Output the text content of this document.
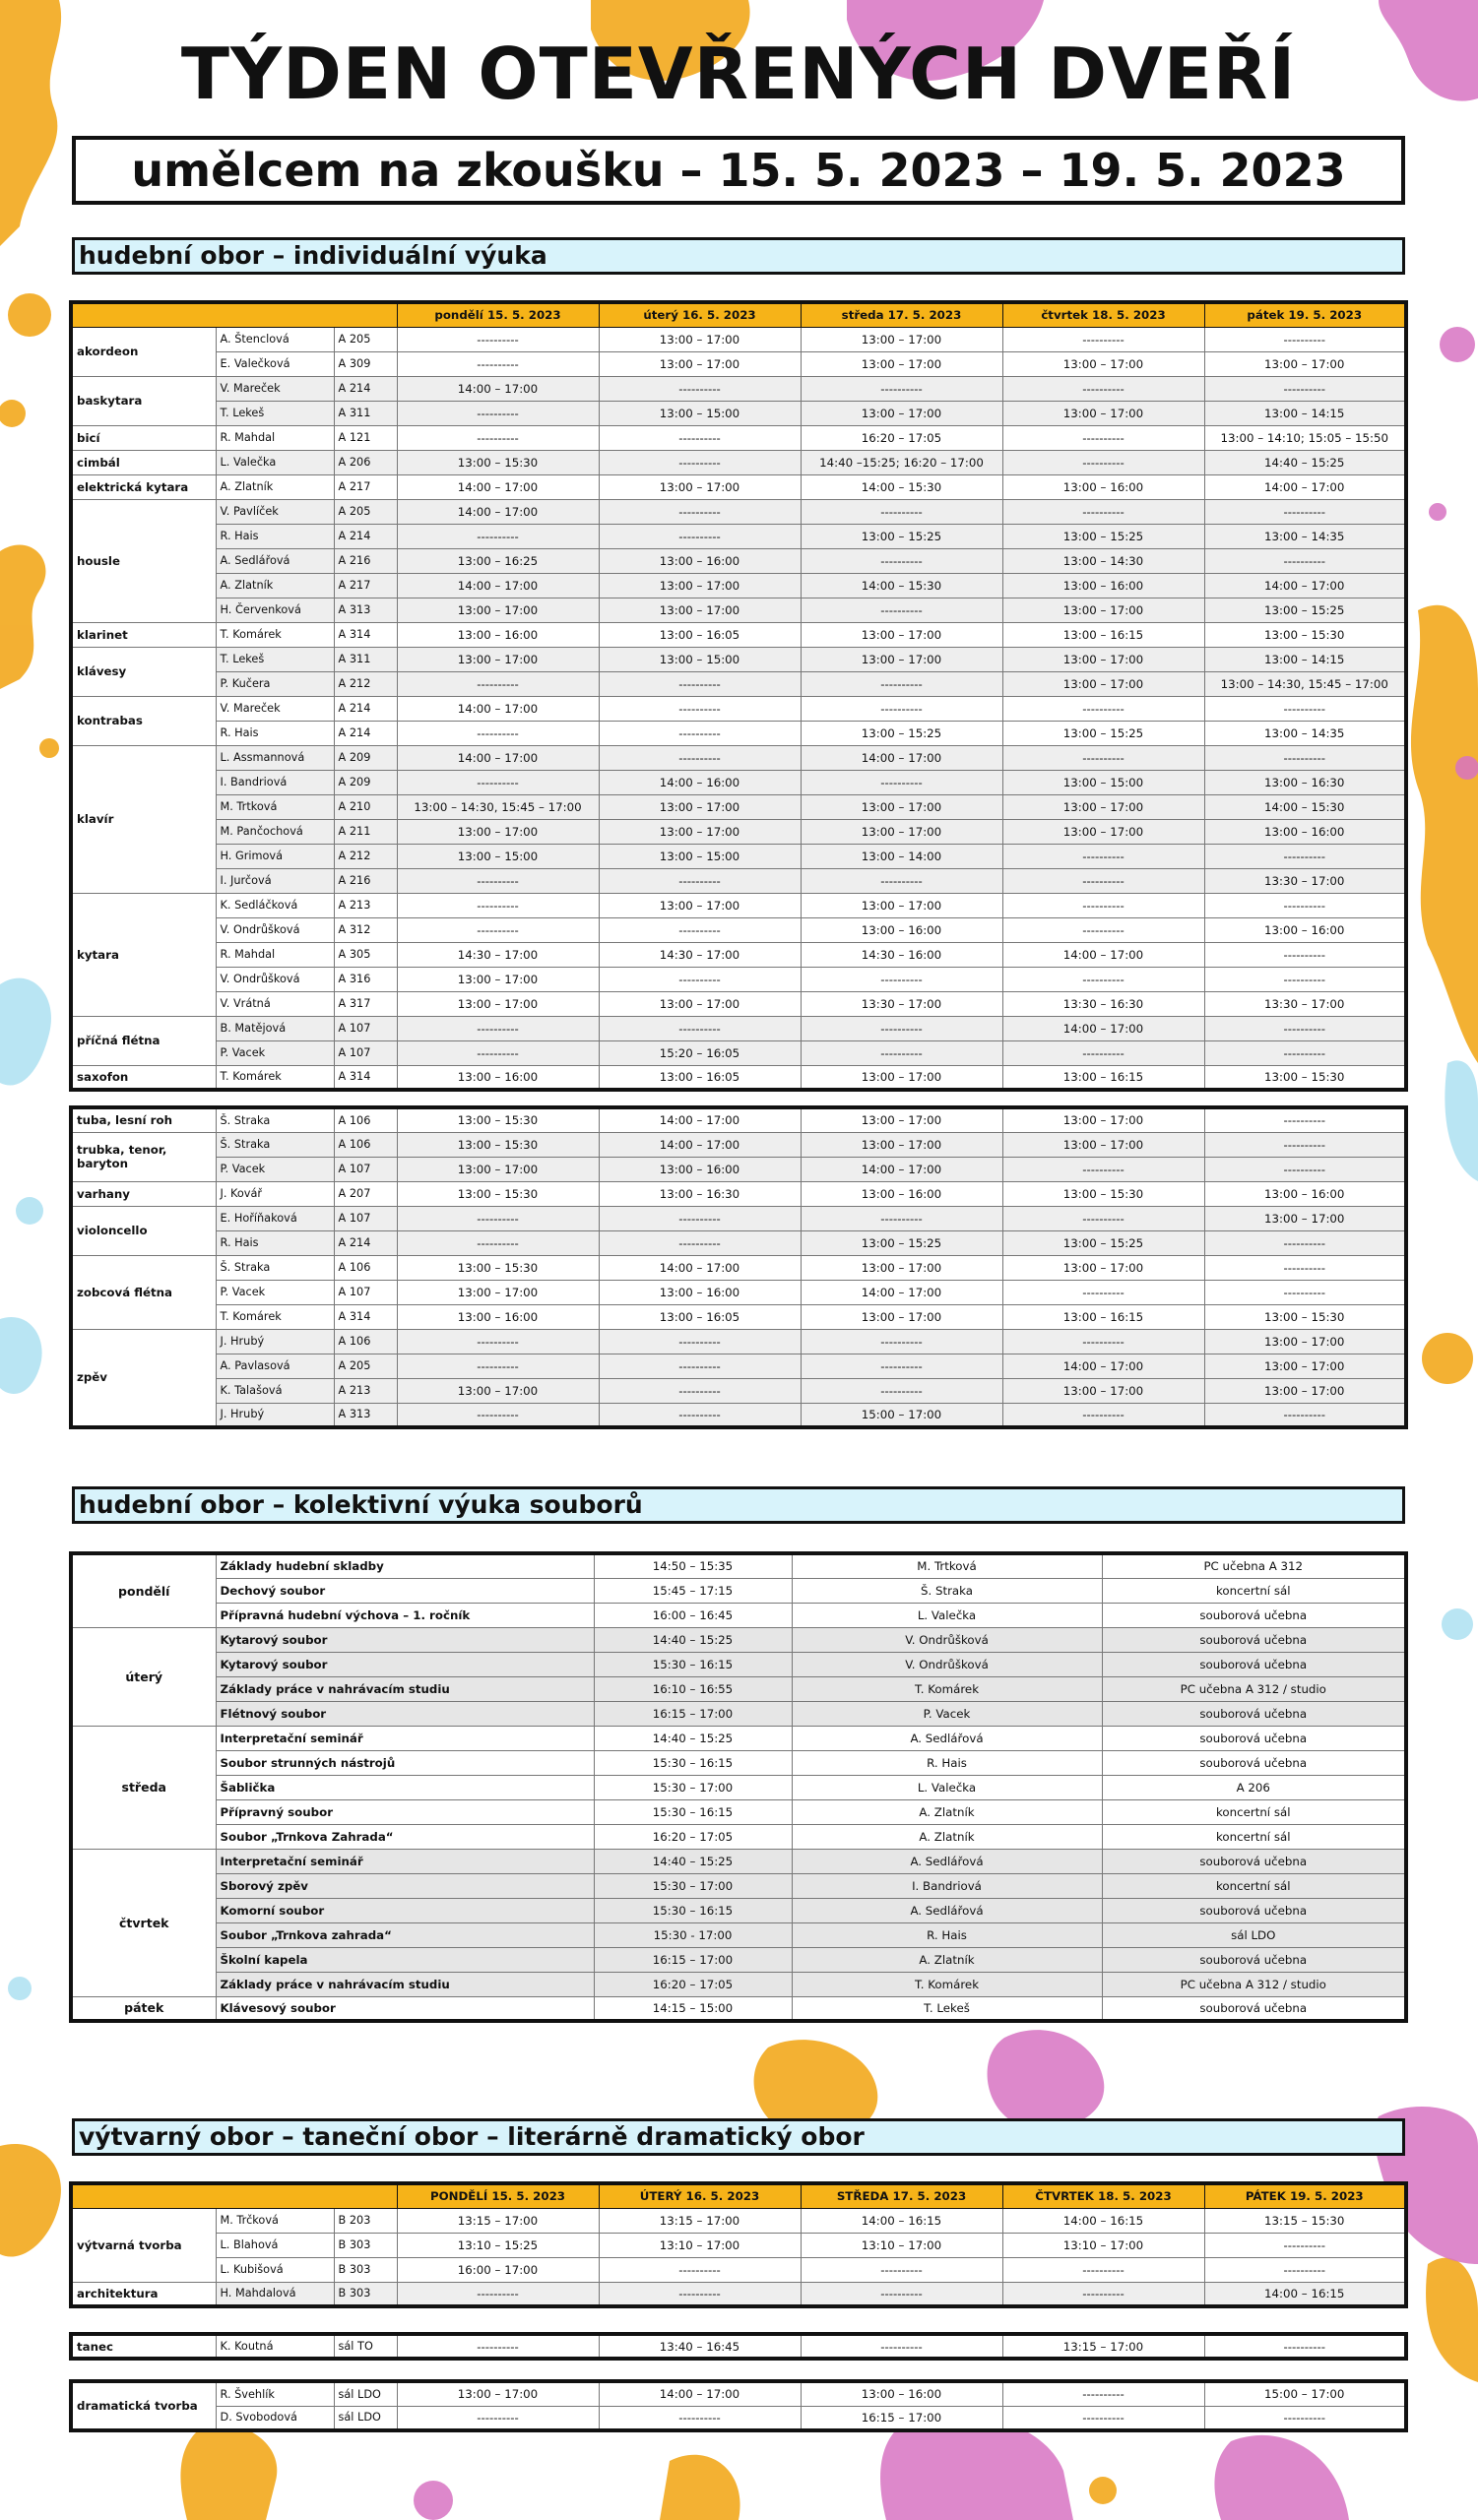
TÝDEN OTEVŘENÝCH DVEŘÍ
umělcem na zkoušku – 15. 5. 2023 – 19. 5. 2023
hudební obor – individuální výuka
			pondělí 15. 5. 2023	úterý 16. 5. 2023	středa 17. 5. 2023	čtvrtek 18. 5. 2023	pátek 19. 5. 2023
akordeon	A. Štenclová	A 205	----------	13:00 – 17:00	13:00 – 17:00	----------	----------
	E. Valečková	A 309	----------	13:00 – 17:00	13:00 – 17:00	13:00 – 17:00	13:00 – 17:00
baskytara	V. Mareček	A 214	14:00 – 17:00	----------	----------	----------	----------
	T. Lekeš	A 311	----------	13:00 – 15:00	13:00 – 17:00	13:00 – 17:00	13:00 – 14:15
bicí	R. Mahdal	A 121	----------	----------	16:20 – 17:05	----------	13:00 – 14:10; 15:05 – 15:50
cimbál	L. Valečka	A 206	13:00 – 15:30	----------	14:40 –15:25; 16:20 – 17:00	----------	14:40 – 15:25
elektrická kytara	A. Zlatník	A 217	14:00 – 17:00	13:00 – 17:00	14:00 – 15:30	13:00 – 16:00	14:00 – 17:00
housle	V. Pavlíček	A 205	14:00 – 17:00	----------	----------	----------	----------
	R. Hais	A 214	----------	----------	13:00 – 15:25	13:00 – 15:25	13:00 – 14:35
	A. Sedlářová	A 216	13:00 – 16:25	13:00 – 16:00	----------	13:00 – 14:30	----------
	A. Zlatník	A 217	14:00 – 17:00	13:00 – 17:00	14:00 – 15:30	13:00 – 16:00	14:00 – 17:00
	H. Červenková	A 313	13:00 – 17:00	13:00 – 17:00	----------	13:00 – 17:00	13:00 – 15:25
klarinet	T. Komárek	A 314	13:00 – 16:00	13:00 – 16:05	13:00 – 17:00	13:00 – 16:15	13:00 – 15:30
klávesy	T. Lekeš	A 311	13:00 – 17:00	13:00 – 15:00	13:00 – 17:00	13:00 – 17:00	13:00 – 14:15
	P. Kučera	A 212	----------	----------	----------	13:00 – 17:00	13:00 – 14:30, 15:45 – 17:00
kontrabas	V. Mareček	A 214	14:00 – 17:00	----------	----------	----------	----------
	R. Hais	A 214	----------	----------	13:00 – 15:25	13:00 – 15:25	13:00 – 14:35
klavír	L. Assmannová	A 209	14:00 – 17:00	----------	14:00 – 17:00	----------	----------
	I. Bandriová	A 209	----------	14:00 – 16:00	----------	13:00 – 15:00	13:00 – 16:30
	M. Trtková	A 210	13:00 – 14:30, 15:45 – 17:00	13:00 – 17:00	13:00 – 17:00	13:00 – 17:00	14:00 – 15:30
	M. Pančochová	A 211	13:00 – 17:00	13:00 – 17:00	13:00 – 17:00	13:00 – 17:00	13:00 – 16:00
	H. Grimová	A 212	13:00 – 15:00	13:00 – 15:00	13:00 – 14:00	----------	----------
	I. Jurčová	A 216	----------	----------	----------	----------	13:30 – 17:00
kytara	K. Sedláčková	A 213	----------	13:00 – 17:00	13:00 – 17:00	----------	----------
	V. Ondrůšková	A 312	----------	----------	13:00 – 16:00	----------	13:00 – 16:00
	R. Mahdal	A 305	14:30 – 17:00	14:30 – 17:00	14:30 – 16:00	14:00 – 17:00	----------
	V. Ondrůšková	A 316	13:00 – 17:00	----------	----------	----------	----------
	V. Vrátná	A 317	13:00 – 17:00	13:00 – 17:00	13:30 – 17:00	13:30 – 16:30	13:30 – 17:00
příčná flétna	B. Matějová	A 107	----------	----------	----------	14:00 – 17:00	----------
	P. Vacek	A 107	----------	15:20 – 16:05	----------	----------	----------
saxofon	T. Komárek	A 314	13:00 – 16:00	13:00 – 16:05	13:00 – 17:00	13:00 – 16:15	13:00 – 15:30
tuba, lesní roh	Š. Straka	A 106	13:00 – 15:30	14:00 – 17:00	13:00 – 17:00	13:00 – 17:00	----------
trubka, tenor, baryton	Š. Straka	A 106	13:00 – 15:30	14:00 – 17:00	13:00 – 17:00	13:00 – 17:00	----------
	P. Vacek	A 107	13:00 – 17:00	13:00 – 16:00	14:00 – 17:00	----------	----------
varhany	J. Kovář	A 207	13:00 – 15:30	13:00 – 16:30	13:00 – 16:00	13:00 – 15:30	13:00 – 16:00
violoncello	E. Hoříňaková	A 107	----------	----------	----------	----------	13:00 – 17:00
	R. Hais	A 214	----------	----------	13:00 – 15:25	13:00 – 15:25	----------
zobcová flétna	Š. Straka	A 106	13:00 – 15:30	14:00 – 17:00	13:00 – 17:00	13:00 – 17:00	----------
	P. Vacek	A 107	13:00 – 17:00	13:00 – 16:00	14:00 – 17:00	----------	----------
	T. Komárek	A 314	13:00 – 16:00	13:00 – 16:05	13:00 – 17:00	13:00 – 16:15	13:00 – 15:30
zpěv	J. Hrubý	A 106	----------	----------	----------	----------	13:00 – 17:00
	A. Pavlasová	A 205	----------	----------	----------	14:00 – 17:00	13:00 – 17:00
	K. Talašová	A 213	13:00 – 17:00	----------	----------	13:00 – 17:00	13:00 – 17:00
	J. Hrubý	A 313	----------	----------	15:00 – 17:00	----------	----------
hudební obor – kolektivní výuka souborů
pondělí	Základy hudební skladby	14:50 – 15:35	M. Trtková	PC učebna A 312
	Dechový soubor	15:45 – 17:15	Š. Straka	koncertní sál
	Přípravná hudební výchova – 1. ročník	16:00 – 16:45	L. Valečka	souborová učebna
úterý	Kytarový soubor	14:40 – 15:25	V. Ondrůšková	souborová učebna
	Kytarový soubor	15:30 – 16:15	V. Ondrůšková	souborová učebna
	Základy práce v nahrávacím studiu	16:10 – 16:55	T. Komárek	PC učebna A 312 / studio
	Flétnový soubor	16:15 – 17:00	P. Vacek	souborová učebna
středa	Interpretační seminář	14:40 – 15:25	A. Sedlářová	souborová učebna
	Soubor strunných nástrojů	15:30 – 16:15	R. Hais	souborová učebna
	Šablička	15:30 – 17:00	L. Valečka	A 206
	Přípravný soubor	15:30 – 16:15	A. Zlatník	koncertní sál
	Soubor „Trnkova Zahrada“	16:20 – 17:05	A. Zlatník	koncertní sál
čtvrtek	Interpretační seminář	14:40 – 15:25	A. Sedlářová	souborová učebna
	Sborový zpěv	15:30 – 17:00	I. Bandriová	koncertní sál
	Komorní soubor	15:30 – 16:15	A. Sedlářová	souborová učebna
	Soubor „Trnkova zahrada“	15:30 - 17:00	R. Hais	sál LDO
	Školní kapela	16:15 – 17:00	A. Zlatník	souborová učebna
	Základy práce v nahrávacím studiu	16:20 – 17:05	T. Komárek	PC učebna A 312 / studio
pátek	Klávesový soubor	14:15 – 15:00	T. Lekeš	souborová učebna
výtvarný obor – taneční obor – literárně dramatický obor
			PONDĚLÍ 15. 5. 2023	ÚTERÝ 16. 5. 2023	STŘEDA 17. 5. 2023	ČTVRTEK 18. 5. 2023	PÁTEK 19. 5. 2023
výtvarná tvorba	M. Trčková	B 203	13:15 – 17:00	13:15 – 17:00	14:00 – 16:15	14:00 – 16:15	13:15 – 15:30
	L. Blahová	B 303	13:10 – 15:25	13:10 – 17:00	13:10 – 17:00	13:10 – 17:00	----------
	L. Kubišová	B 303	16:00 – 17:00	----------	----------	----------	----------
architektura	H. Mahdalová	B 303	----------	----------	----------	----------	14:00 – 16:15
tanec	K. Koutná	sál TO	----------	13:40 – 16:45	----------	13:15 – 17:00	----------
dramatická tvorba	R. Švehlík	sál LDO	13:00 – 17:00	14:00 – 17:00	13:00 – 16:00	----------	15:00 – 17:00
	D. Svobodová	sál LDO	----------	----------	16:15 – 17:00	----------	----------
